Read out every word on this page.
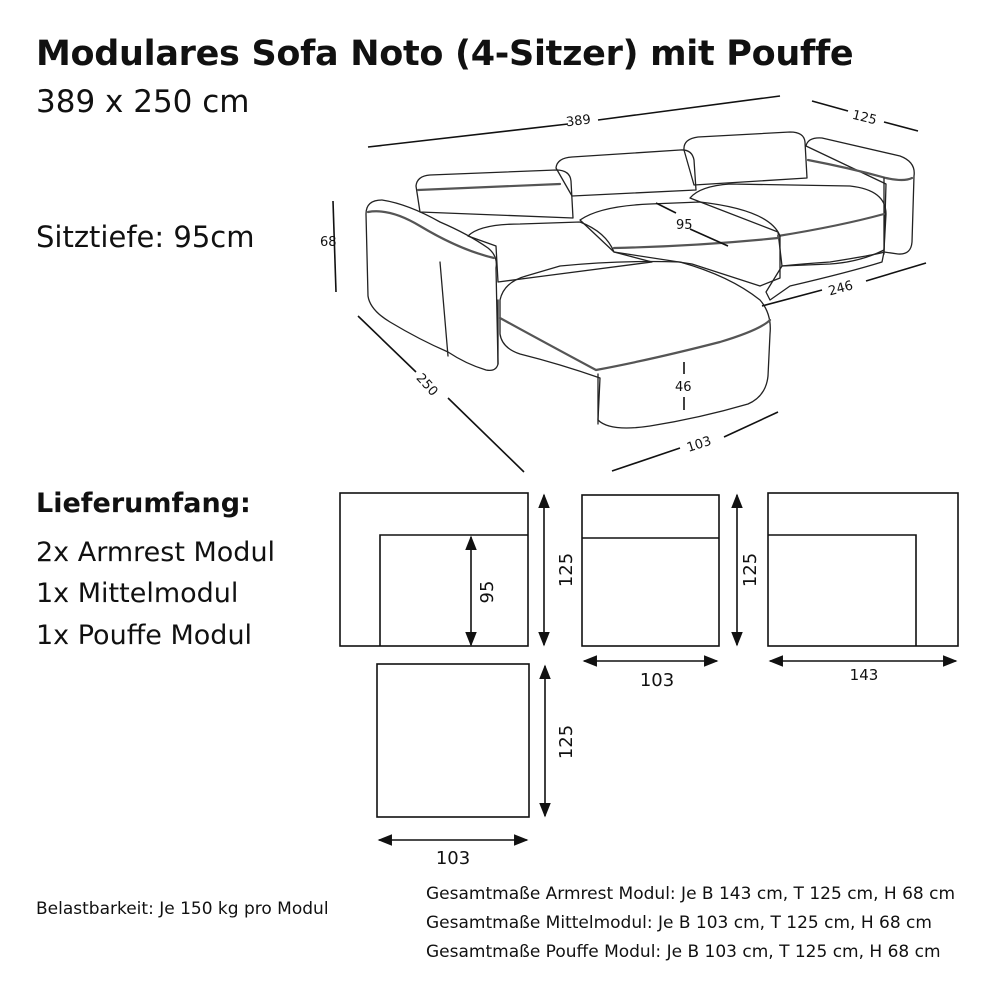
Modulares Sofa Noto (4-Sitzer) mit Pouffe
389 x 250 cm
Sitztiefe: 95cm
Lieferumfang:
2x Armrest Modul
1x Mittelmodul
1x Pouffe Modul
Belastbarkeit: Je 150 kg pro Modul
Gesamtmaße Armrest Modul: Je B 143 cm, T 125 cm, H 68 cm
Gesamtmaße Mittelmodul: Je B 103 cm, T 125 cm, H 68 cm
Gesamtmaße Pouffe Modul: Je B 103 cm, T 125 cm, H 68 cm
389	125
68
95
250
246
46
103
125
95
125
103	143
125
103
